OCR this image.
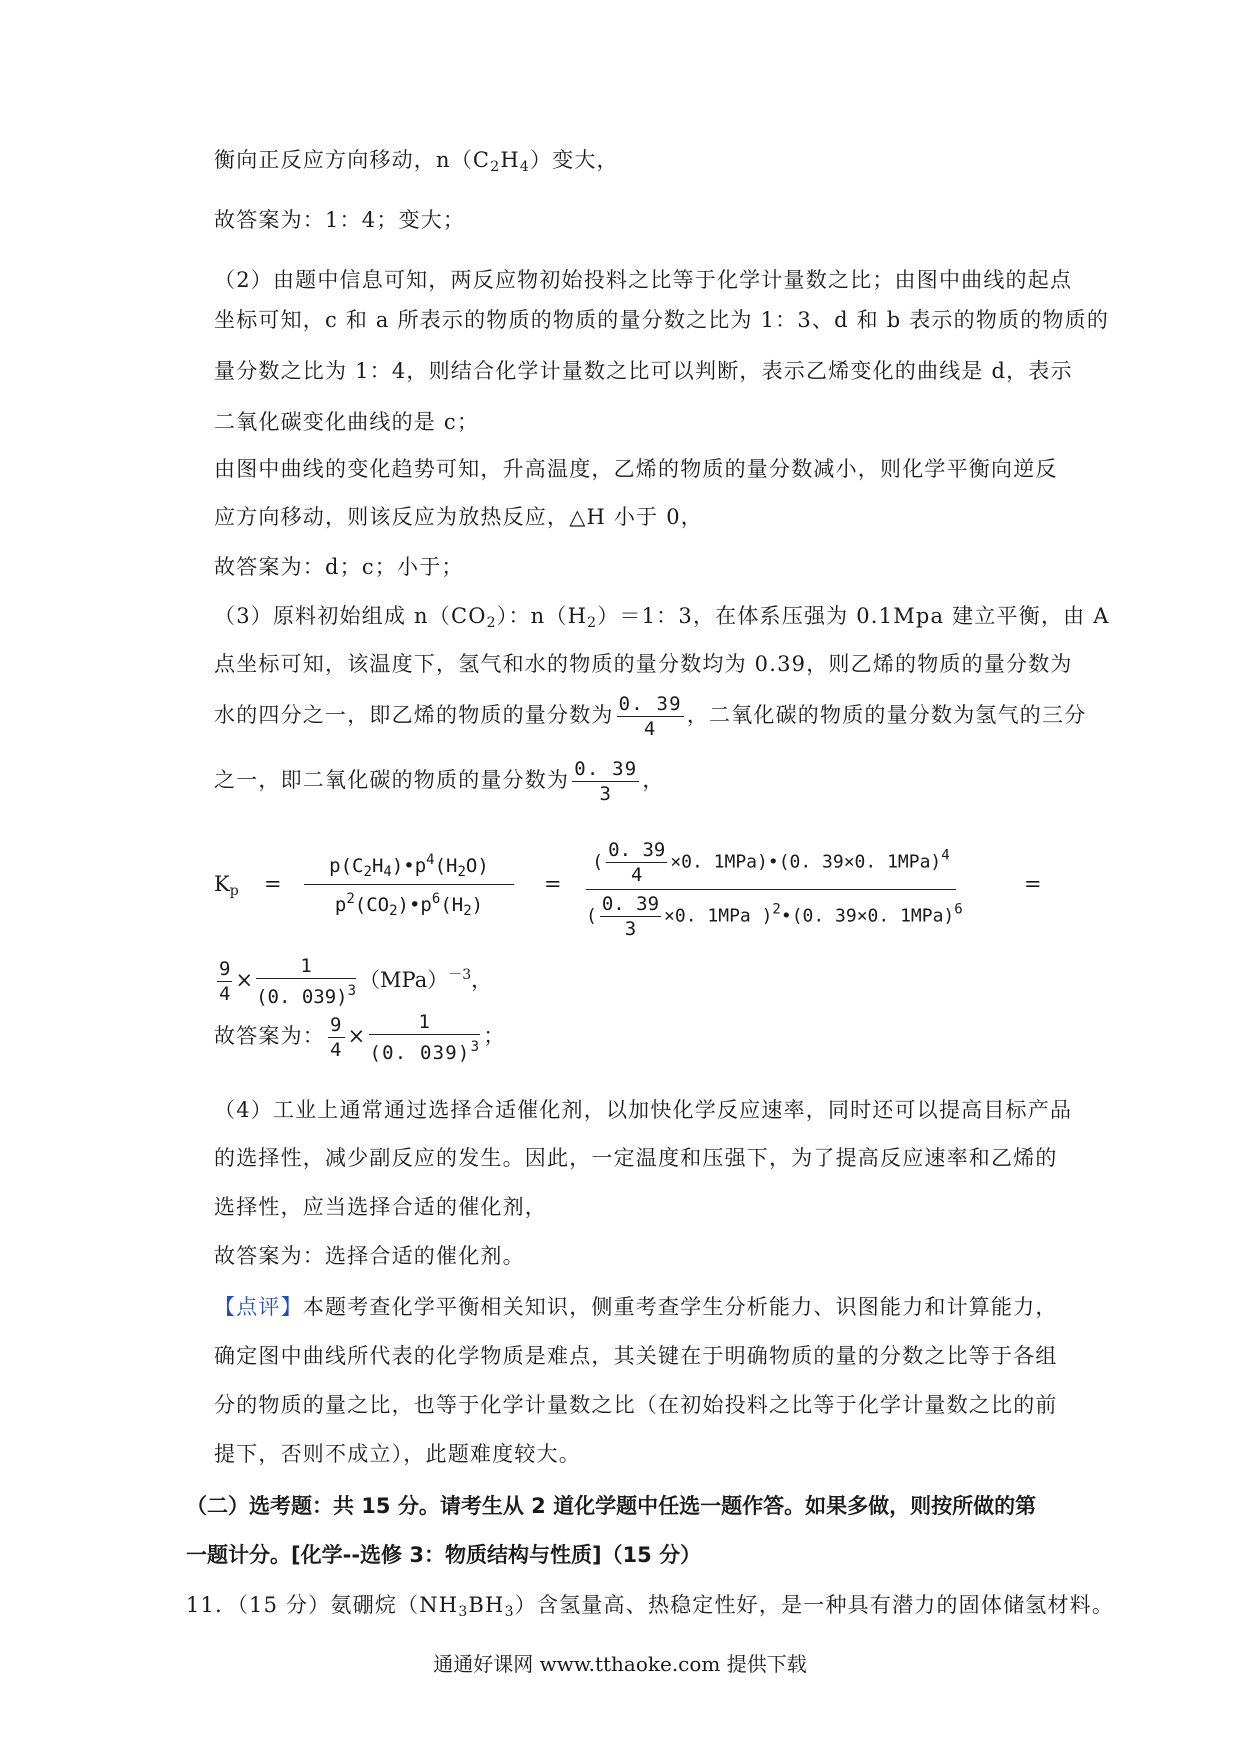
衡向正反应方向移动，$n(C_2H_4)$变大，
故答案为：1：4；变大；
（2）由题中信息可知，两反应物初始投料之比等于化学计量数之比；由图中曲线的起点
坐标可知，c 和 a 所表示的物质的物质的量分数之比为 1：3、d 和 b 表示的物质的物质的
量分数之比为 1：4，则结合化学计量数之比可以判断，表示乙烯变化的曲线是 d，表示
二氧化碳变化曲线的是 c；
由图中曲线的变化趋势可知，升高温度，乙烯的物质的量分数减小，则化学平衡向逆反
应方向移动，则该反应为放热反应，△H 小于 0，
故答案为：d；c；小于；
（3）原料初始组成 $n(CO_2)$：$n(H_2)=1$：3，在体系压强为 0.1Mpa 建立平衡，由 A
点坐标可知，该温度下，氢气和水的物质的量分数均为 0.39，则乙烯的物质的量分数为
水的四分之一，即乙烯的物质的量分数为 $\frac{0. 39}{4}$ ，二氧化碳的物质的量分数为氢气的三分
之一，即二氧化碳的物质的量分数为 $\frac{0. 39}{3}$ ，
$K_p = \frac{p(C_2H_4)•p^4(H_2O)}{p^2(CO_2)•p^6(H_2)}$ =
( $\frac{0. 39}{4} \times 0$. 1MPa)•(0. 39×0. 1MPa)$^4$
( $\frac{0. 39}{3} \times 0$. 1MPa )$^2$•(0. 39×0. 1MPa)$^6$
=
$\frac{9}{4} \times \frac{1}{(0. 039)^3} (MPa)^{-3}$，
故答案为： $\frac{9}{4} \times \frac{1}{(0. 039)^3}$ ；
（4）工业上通常通过选择合适催化剂，以加快化学反应速率，同时还可以提高目标产品
的选择性，减少副反应的发生。因此，一定温度和压强下，为了提高反应速率和乙烯的
选择性，应当选择合适的催化剂，
故答案为：选择合适的催化剂。
【点评】本题考查化学平衡相关知识，侧重考查学生分析能力、识图能力和计算能力，
确定图中曲线所代表的化学物质是难点，其关键在于明确物质的量的分数之比等于各组
分的物质的量之比，也等于化学计量数之比（在初始投料之比等于化学计量数之比的前
提下，否则不成立），此题难度较大。
（二）选考题：共 15 分。请考生从 2 道化学题中任选一题作答。如果多做，则按所做的第
一题计分。[化学--选修 3：物质结构与性质]（15 分）
11．（15 分）氨硼烷$(NH_3BH_3)$含氢量高、热稳定性好，是一种具有潜力的固体储氢材料。
通通好课网 www.tthaoke.com 提供下载
